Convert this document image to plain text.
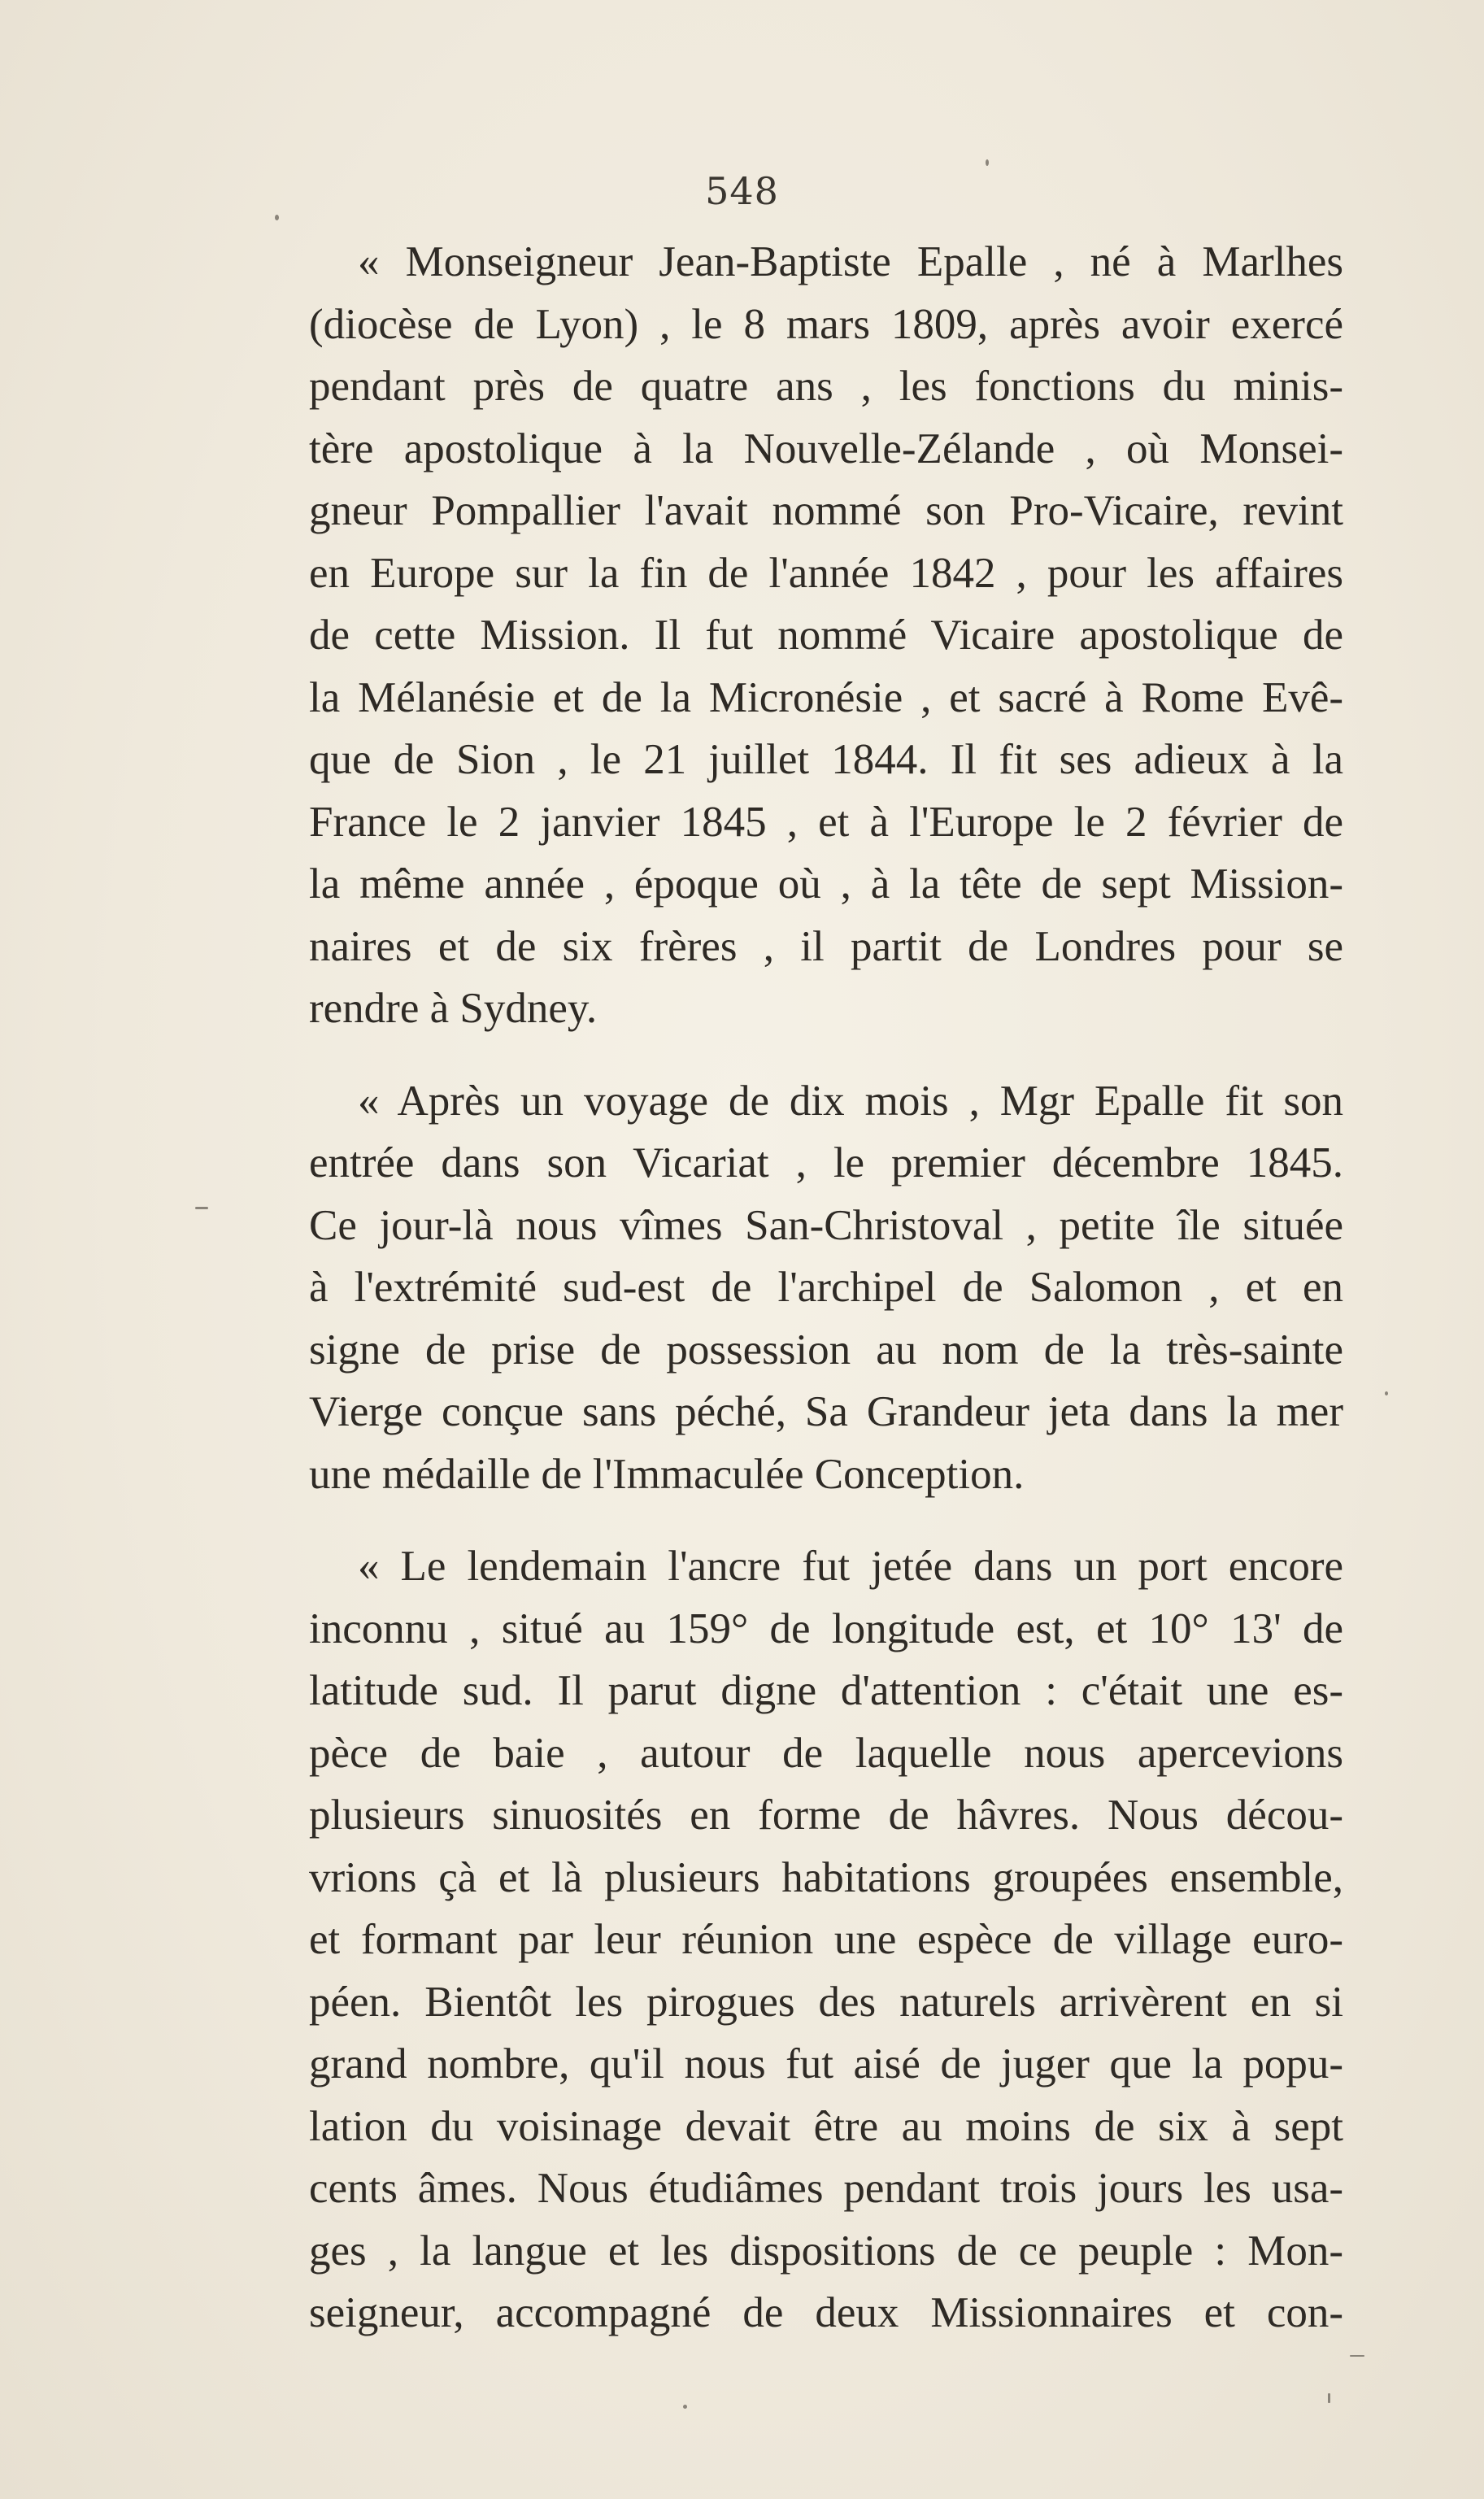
548
« Monseigneur Jean-Baptiste Epalle , né à Marlhes
(diocèse de Lyon) , le 8 mars 1809, après avoir exercé
pendant près de quatre ans , les fonctions du minis-
tère apostolique à la Nouvelle-Zélande , où Monsei-
gneur Pompallier l'avait nommé son Pro-Vicaire, revint
en Europe sur la fin de l'année 1842 , pour les affaires
de cette Mission. Il fut nommé Vicaire apostolique de
la Mélanésie et de la Micronésie , et sacré à Rome Evê-
que de Sion , le 21 juillet 1844. Il fit ses adieux à la
France le 2 janvier 1845 , et à l'Europe le 2 février de
la même année , époque où , à la tête de sept Mission-
naires et de six frères , il partit de Londres pour se
rendre à Sydney.
« Après un voyage de dix mois , Mgr Epalle fit son
entrée dans son Vicariat , le premier décembre 1845.
Ce jour-là nous vîmes San-Christoval , petite île située
à l'extrémité sud-est de l'archipel de Salomon , et en
signe de prise de possession au nom de la très-sainte
Vierge conçue sans péché, Sa Grandeur jeta dans la mer
une médaille de l'Immaculée Conception.
« Le lendemain l'ancre fut jetée dans un port encore
inconnu , situé au 159° de longitude est, et 10° 13' de
latitude sud. Il parut digne d'attention : c'était une es-
pèce de baie , autour de laquelle nous apercevions
plusieurs sinuosités en forme de hâvres. Nous décou-
vrions çà et là plusieurs habitations groupées ensemble,
et formant par leur réunion une espèce de village euro-
péen. Bientôt les pirogues des naturels arrivèrent en si
grand nombre, qu'il nous fut aisé de juger que la popu-
lation du voisinage devait être au moins de six à sept
cents âmes. Nous étudiâmes pendant trois jours les usa-
ges , la langue et les dispositions de ce peuple : Mon-
seigneur, accompagné de deux Missionnaires et con-
